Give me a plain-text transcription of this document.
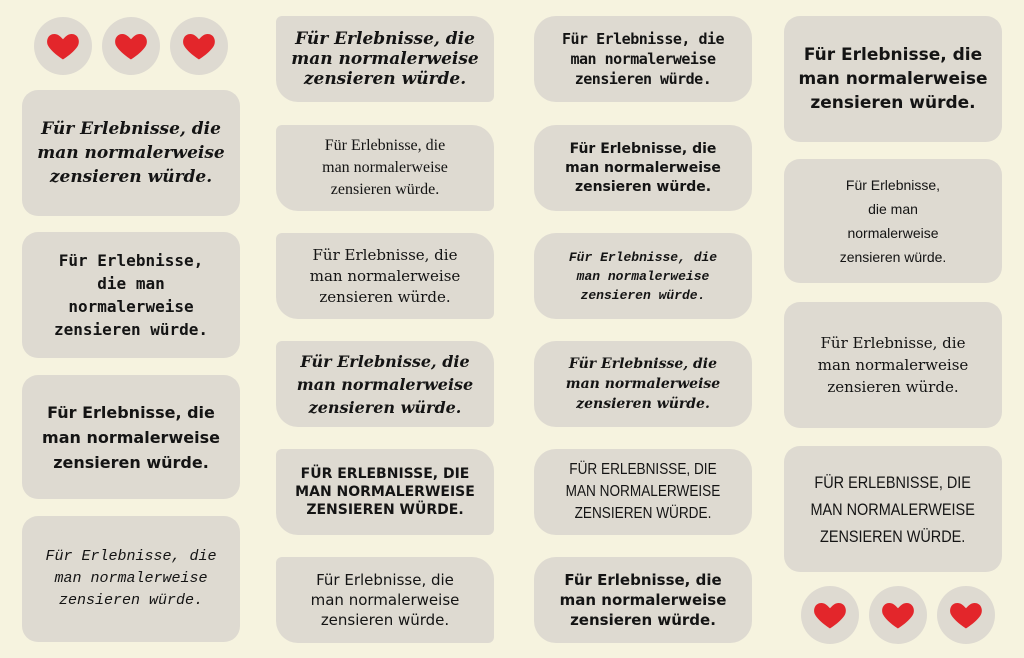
Für Erlebnisse, die
man normalerweise
zensieren würde.
Für Erlebnisse,
die man
normalerweise
zensieren würde.
Für Erlebnisse, die
man normalerweise
zensieren würde.
Für Erlebnisse, die
man normalerweise
zensieren würde.
Für Erlebnisse, die
man normalerweise
zensieren würde.
Für Erlebnisse, die
man normalerweise
zensieren würde.
Für Erlebnisse, die
man normalerweise
zensieren würde.
Für Erlebnisse, die
man normalerweise
zensieren würde.
FÜR ERLEBNISSE, DIE
MAN NORMALERWEISE
ZENSIEREN WÜRDE.
Für Erlebnisse, die
man normalerweise
zensieren würde.
Für Erlebnisse, die
man normalerweise
zensieren würde.
Für Erlebnisse, die
man normalerweise
zensieren würde.
Für Erlebnisse, die
man normalerweise
zensieren würde.
Für Erlebnisse, die
man normalerweise
zensieren würde.
FÜR ERLEBNISSE, DIE
MAN NORMALERWEISE
ZENSIEREN WÜRDE.
Für Erlebnisse, die
man normalerweise
zensieren würde.
Für Erlebnisse, die
man normalerweise
zensieren würde.
Für Erlebnisse,
die man
normalerweise
zensieren würde.
Für Erlebnisse, die
man normalerweise
zensieren würde.
FÜR ERLEBNISSE, DIE
MAN NORMALERWEISE
ZENSIEREN WÜRDE.
